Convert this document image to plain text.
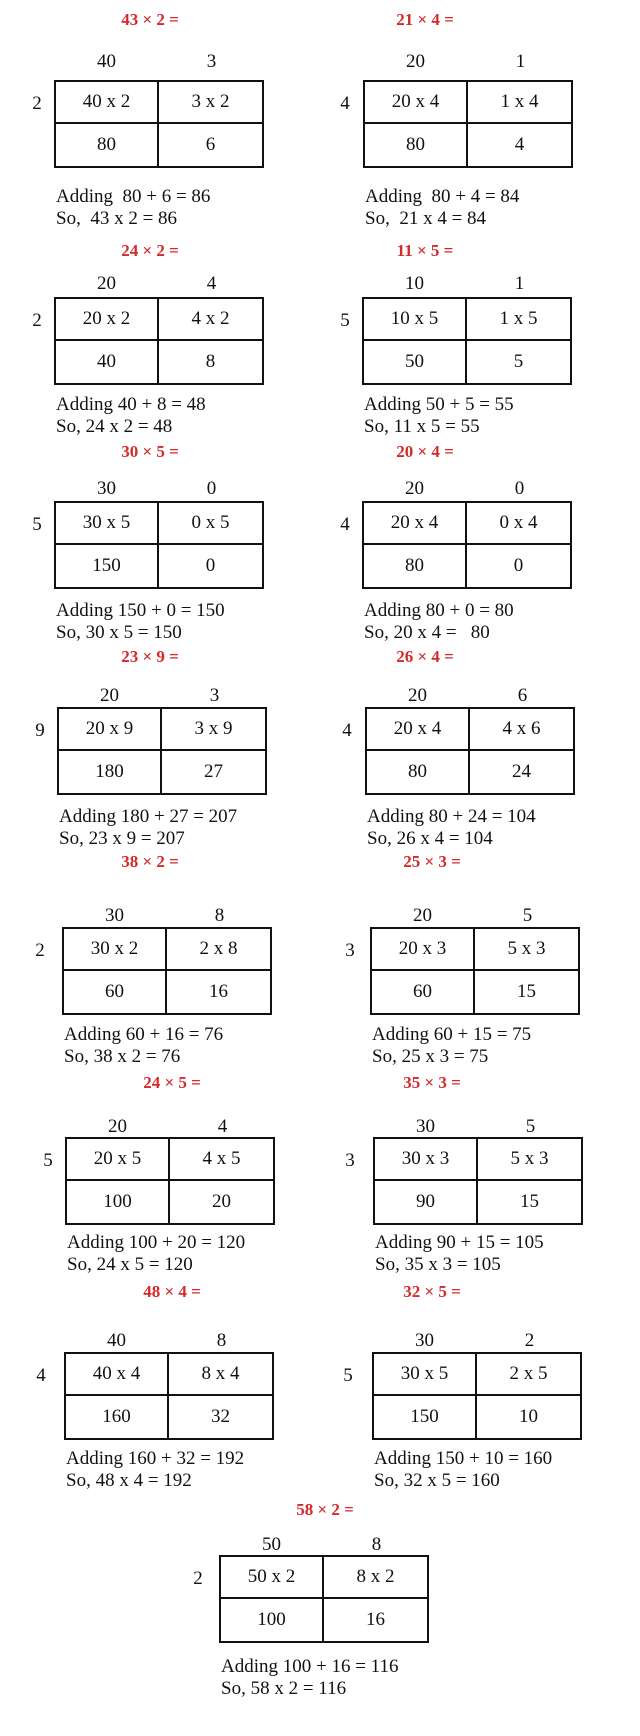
43 × 2 =
40	3
2	40 x 2	3 x 2
80	6
Adding  80 + 6 = 86
So,  43 x 2 = 86
21 × 4 =
20	1
4	20 x 4	1 x 4
80	4
Adding  80 + 4 = 84
So,  21 x 4 = 84
24 × 2 =
20	4
2	20 x 2	4 x 2
40	8
Adding 40 + 8 = 48
So, 24 x 2 = 48
11 × 5 =
10	1
5	10 x 5	1 x 5
50	5
Adding 50 + 5 = 55
So, 11 x 5 = 55
30 × 5 =
30	0
5	30 x 5	0 x 5
150	0
Adding 150 + 0 = 150
So, 30 x 5 = 150
20 × 4 =
20	0
4	20 x 4	0 x 4
80	0
Adding 80 + 0 = 80
So, 20 x 4 =   80
23 × 9 =
20	3
9	20 x 9	3 x 9
180	27
Adding 180 + 27 = 207
So, 23 x 9 = 207
26 × 4 =
20	6
4	20 x 4	4 x 6
80	24
Adding 80 + 24 = 104
So, 26 x 4 = 104
38 × 2 =
30	8
2	30 x 2	2 x 8
60	16
Adding 60 + 16 = 76
So, 38 x 2 = 76
25 × 3 =
20	5
3	20 x 3	5 x 3
60	15
Adding 60 + 15 = 75
So, 25 x 3 = 75
24 × 5 =
20	4
5	20 x 5	4 x 5
100	20
Adding 100 + 20 = 120
So, 24 x 5 = 120
35 × 3 =
30	5
3	30 x 3	5 x 3
90	15
Adding 90 + 15 = 105
So, 35 x 3 = 105
48 × 4 =
40	8
4	40 x 4	8 x 4
160	32
Adding 160 + 32 = 192
So, 48 x 4 = 192
32 × 5 =
30	2
5	30 x 5	2 x 5
150	10
Adding 150 + 10 = 160
So, 32 x 5 = 160
58 × 2 =
50	8
2	50 x 2	8 x 2
100	16
Adding 100 + 16 = 116
So, 58 x 2 = 116
